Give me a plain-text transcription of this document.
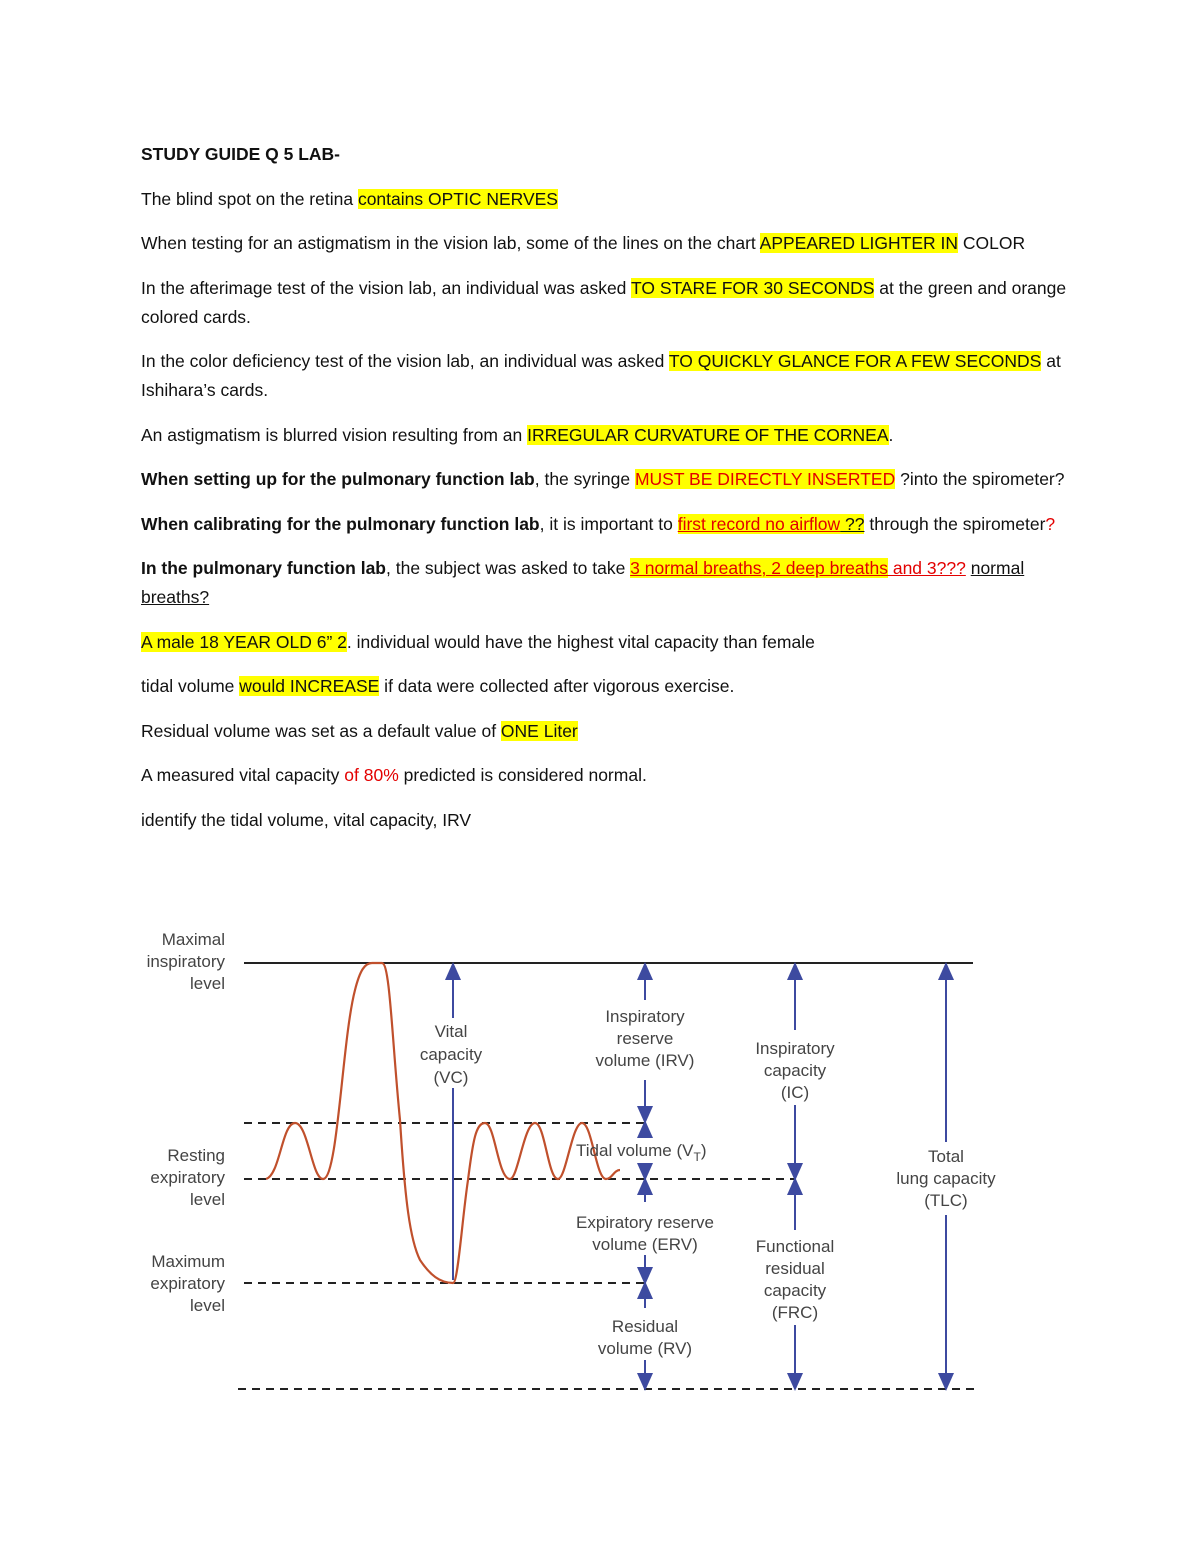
STUDY GUIDE Q 5 LAB-

The blind spot on the retina contains OPTIC NERVES

When testing for an astigmatism in the vision lab, some of the lines on the chart APPEARED LIGHTER IN COLOR

In the afterimage test of the vision lab, an individual was asked TO STARE FOR 30 SECONDS at the green and orange colored cards.

In the color deficiency test of the vision lab, an individual was asked TO QUICKLY GLANCE FOR A FEW SECONDS at Ishihara’s cards.

An astigmatism is blurred vision resulting from an IRREGULAR CURVATURE OF THE CORNEA.

When setting up for the pulmonary function lab, the syringe MUST BE DIRECTLY INSERTED ?into the spirometer?

When calibrating for the pulmonary function lab, it is important to first record no airflow ?? through the spirometer?

In the pulmonary function lab, the subject was asked to take 3 normal breaths, 2 deep breaths and 3??? normal breaths?

A male 18 YEAR OLD 6” 2. individual would have the highest vital capacity than female

tidal volume would INCREASE if data were collected after vigorous exercise.

Residual volume was set as a default value of ONE Liter

A measured vital capacity of 80% predicted is considered normal.

identify the tidal volume, vital capacity, IRV

Maximal
inspiratory
level
Resting
expiratory
level
Maximum
expiratory
level
Vital
capacity
(VC)
Inspiratory
reserve
volume (IRV)
Tidal volume $(V_T)$
Expiratory reserve
volume (ERV)
Residual
volume (RV)
Inspiratory
capacity
(IC)
Functional
residual
capacity
(FRC)
Total
lung capacity
(TLC)
